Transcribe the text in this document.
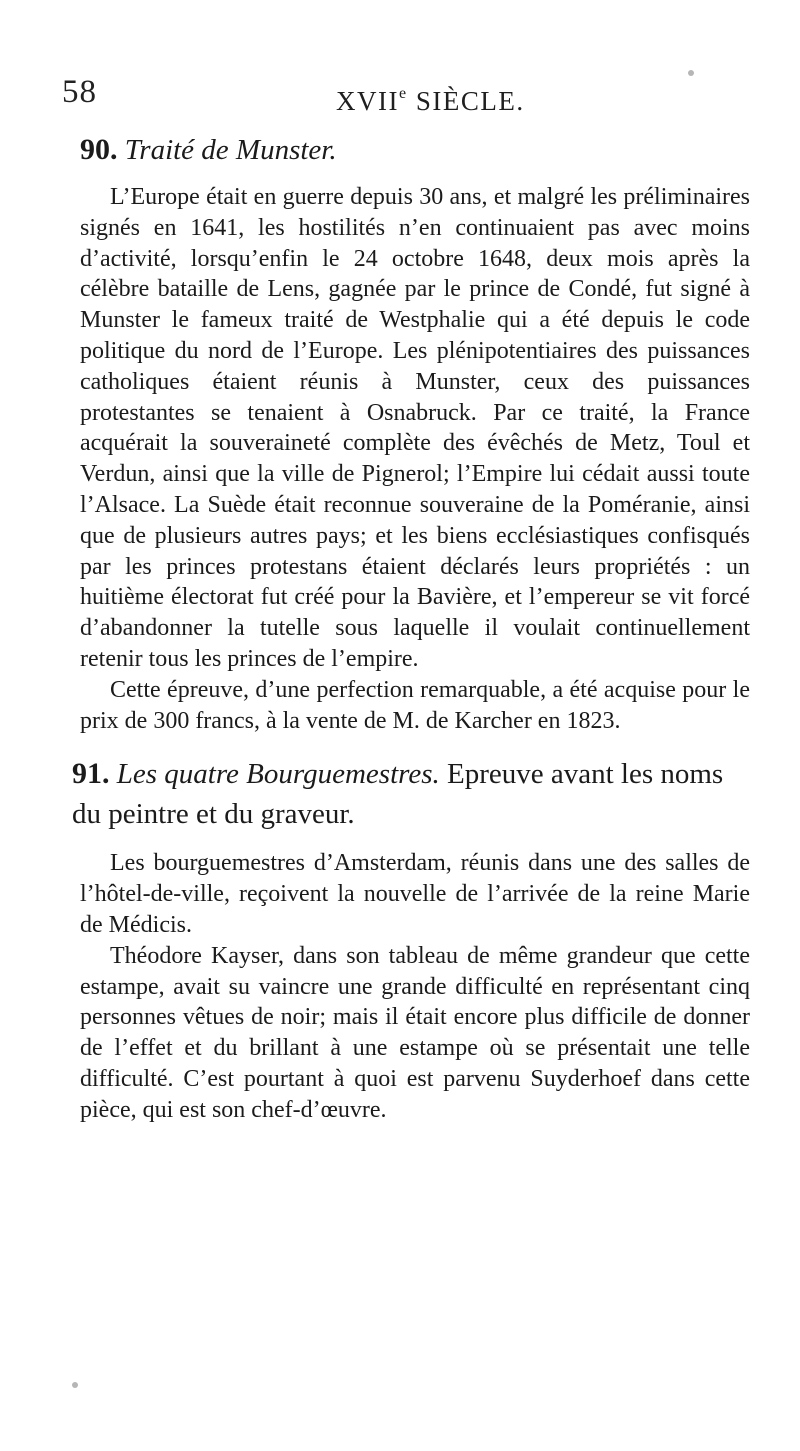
58	XVIIe SIÈCLE.

90. Traité de Munster.

L’Europe était en guerre depuis 30 ans, et malgré les préliminaires signés en 1641, les hostilités n’en continuaient pas avec moins d’activité, lorsqu’enfin le 24 octobre 1648, deux mois après la célèbre bataille de Lens, gagnée par le prince de Condé, fut signé à Munster le fameux traité de Westphalie qui a été depuis le code politique du nord de l’Europe. Les plénipotentiaires des puissances catholiques étaient réunis à Munster, ceux des puissances protestantes se tenaient à Osnabruck. Par ce traité, la France acquérait la souveraineté complète des évêchés de Metz, Toul et Verdun, ainsi que la ville de Pignerol; l’Empire lui cédait aussi toute l’Alsace. La Suède était reconnue souveraine de la Poméranie, ainsi que de plusieurs autres pays; et les biens ecclésiastiques confisqués par les princes protestans étaient déclarés leurs propriétés : un huitième électorat fut créé pour la Bavière, et l’empereur se vit forcé d’abandonner la tutelle sous laquelle il voulait continuellement retenir tous les princes de l’empire.

Cette épreuve, d’une perfection remarquable, a été acquise pour le prix de 300 francs, à la vente de M. de Karcher en 1823.

91. Les quatre Bourguemestres. Epreuve avant les noms du peintre et du graveur.

Les bourguemestres d’Amsterdam, réunis dans une des salles de l’hôtel-de-ville, reçoivent la nouvelle de l’arrivée de la reine Marie de Médicis.

Théodore Kayser, dans son tableau de même grandeur que cette estampe, avait su vaincre une grande difficulté en représentant cinq personnes vêtues de noir; mais il était encore plus difficile de donner de l’effet et du brillant à une estampe où se présentait une telle difficulté. C’est pourtant à quoi est parvenu Suyderhoef dans cette pièce, qui est son chef-d’œuvre.
